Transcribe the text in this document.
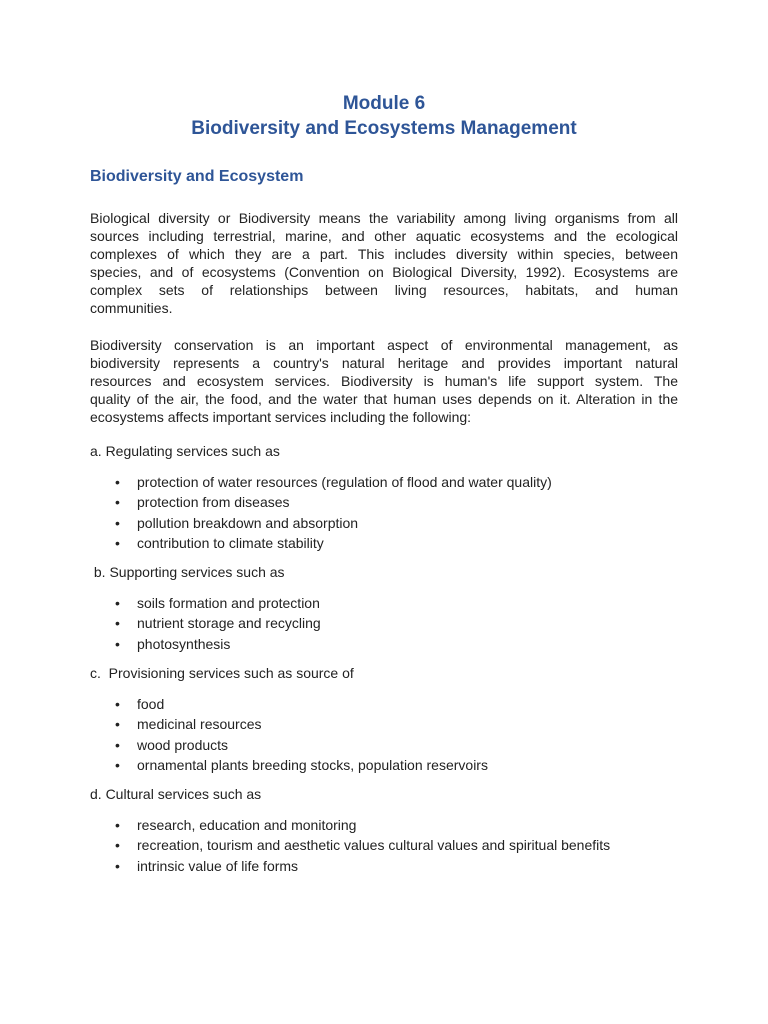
Module 6
Biodiversity and Ecosystems Management
Biodiversity and Ecosystem
Biological diversity or Biodiversity means the variability among living organisms from all
sources including terrestrial, marine, and other aquatic ecosystems and the ecological
complexes of which they are a part. This includes diversity within species, between
species, and of ecosystems (Convention on Biological Diversity, 1992). Ecosystems are
complex sets of relationships between living resources, habitats, and human
communities.
Biodiversity conservation is an important aspect of environmental management, as
biodiversity represents a country's natural heritage and provides important natural
resources and ecosystem services. Biodiversity is human's life support system. The
quality of the air, the food, and the water that human uses depends on it. Alteration in the
ecosystems affects important services including the following:
a. Regulating services such as
• protection of water resources (regulation of flood and water quality)
• protection from diseases
• pollution breakdown and absorption
• contribution to climate stability
b. Supporting services such as
• soils formation and protection
• nutrient storage and recycling
• photosynthesis
c.  Provisioning services such as source of
• food
• medicinal resources
• wood products
• ornamental plants breeding stocks, population reservoirs
d. Cultural services such as
• research, education and monitoring
• recreation, tourism and aesthetic values cultural values and spiritual benefits
• intrinsic value of life forms
